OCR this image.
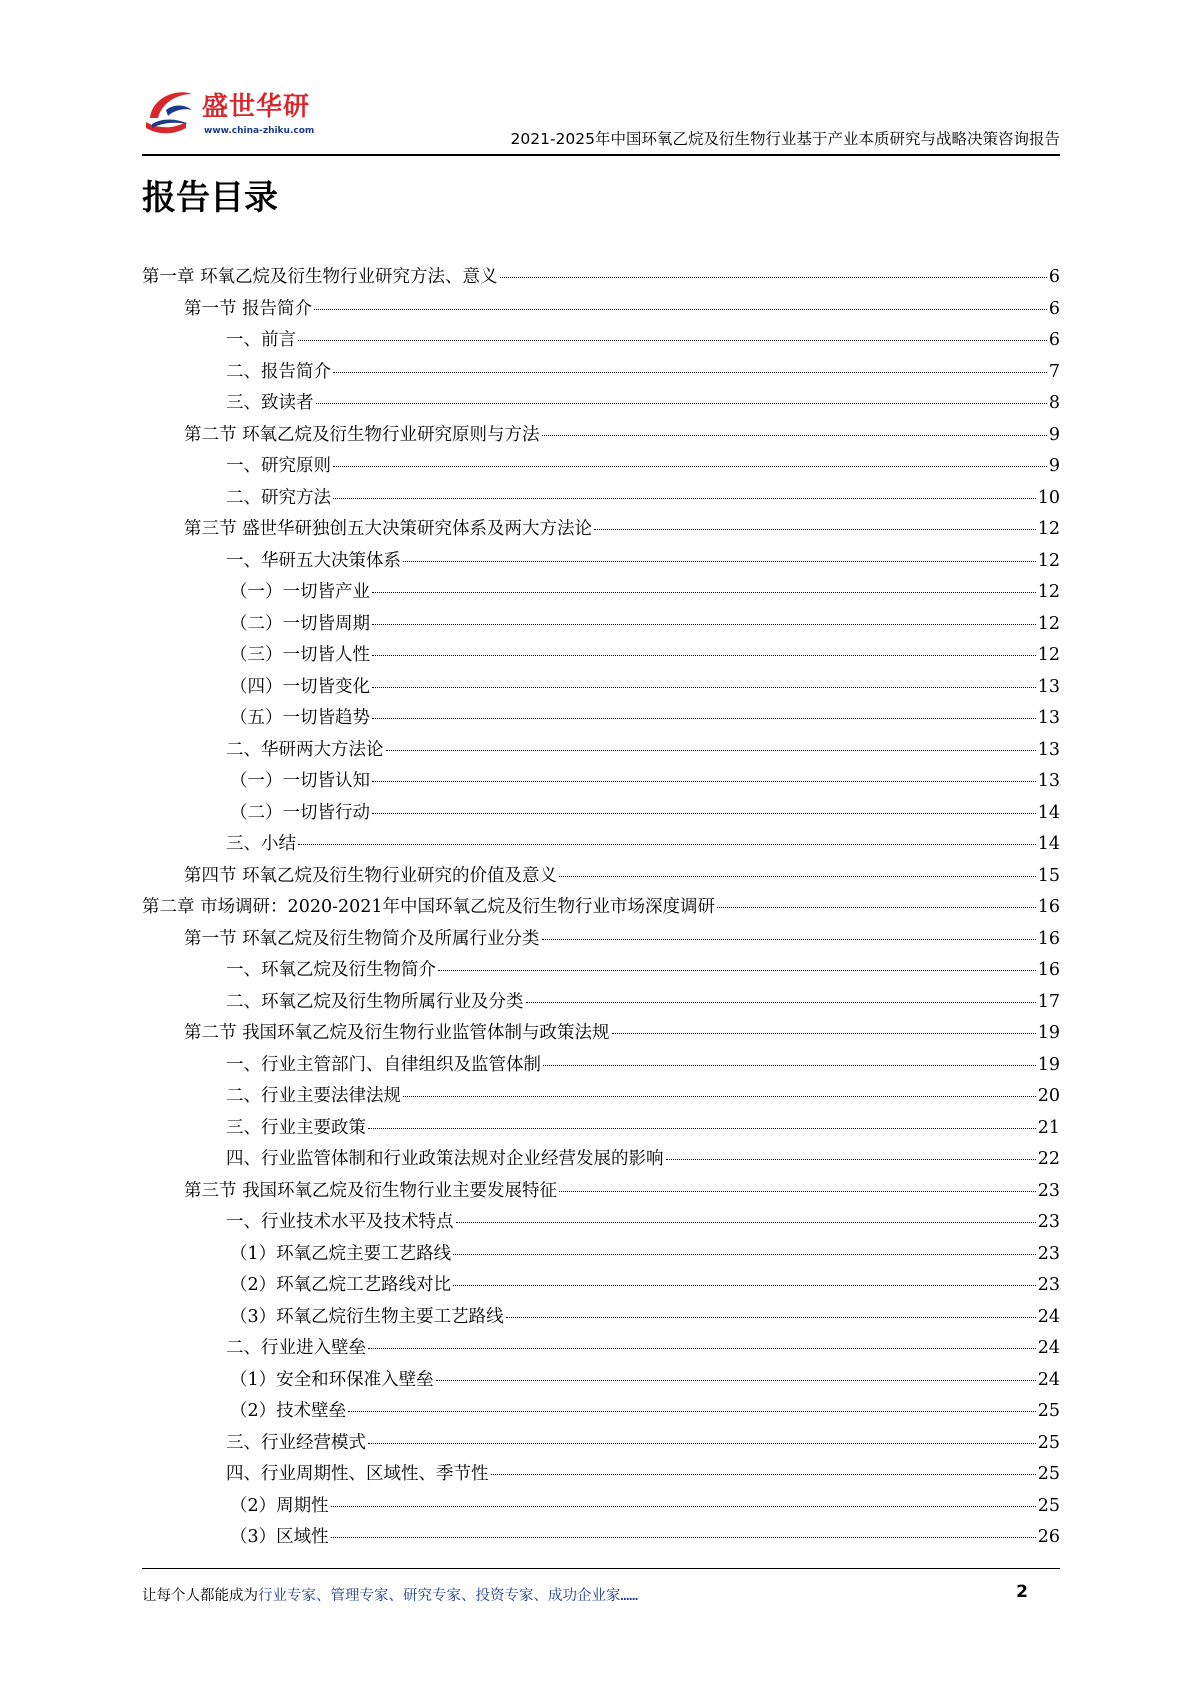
盛世华研
www.china-zhiku.com	2021-2025年中国环氧乙烷及衍生物行业基于产业本质研究与战略决策咨询报告
报告目录
第一章 环氧乙烷及衍生物行业研究方法、意义	6
第一节 报告简介	6
一、前言	6
二、报告简介	7
三、致读者	8
第二节 环氧乙烷及衍生物行业研究原则与方法	9
一、研究原则	9
二、研究方法	10
第三节 盛世华研独创五大决策研究体系及两大方法论	12
一、华研五大决策体系	12
（一）一切皆产业	12
（二）一切皆周期	12
（三）一切皆人性	12
（四）一切皆变化	13
（五）一切皆趋势	13
二、华研两大方法论	13
（一）一切皆认知	13
（二）一切皆行动	14
三、小结	14
第四节 环氧乙烷及衍生物行业研究的价值及意义	15
第二章 市场调研：2020-2021年中国环氧乙烷及衍生物行业市场深度调研	16
第一节 环氧乙烷及衍生物简介及所属行业分类	16
一、环氧乙烷及衍生物简介	16
二、环氧乙烷及衍生物所属行业及分类	17
第二节 我国环氧乙烷及衍生物行业监管体制与政策法规	19
一、行业主管部门、自律组织及监管体制	19
二、行业主要法律法规	20
三、行业主要政策	21
四、行业监管体制和行业政策法规对企业经营发展的影响	22
第三节 我国环氧乙烷及衍生物行业主要发展特征	23
一、行业技术水平及技术特点	23
（1）环氧乙烷主要工艺路线	23
（2）环氧乙烷工艺路线对比	23
（3）环氧乙烷衍生物主要工艺路线	24
二、行业进入壁垒	24
（1）安全和环保准入壁垒	24
（2）技术壁垒	25
三、行业经营模式	25
四、行业周期性、区域性、季节性	25
（2）周期性	25
（3）区域性	26
让每个人都能成为行业专家、管理专家、研究专家、投资专家、成功企业家……	2
